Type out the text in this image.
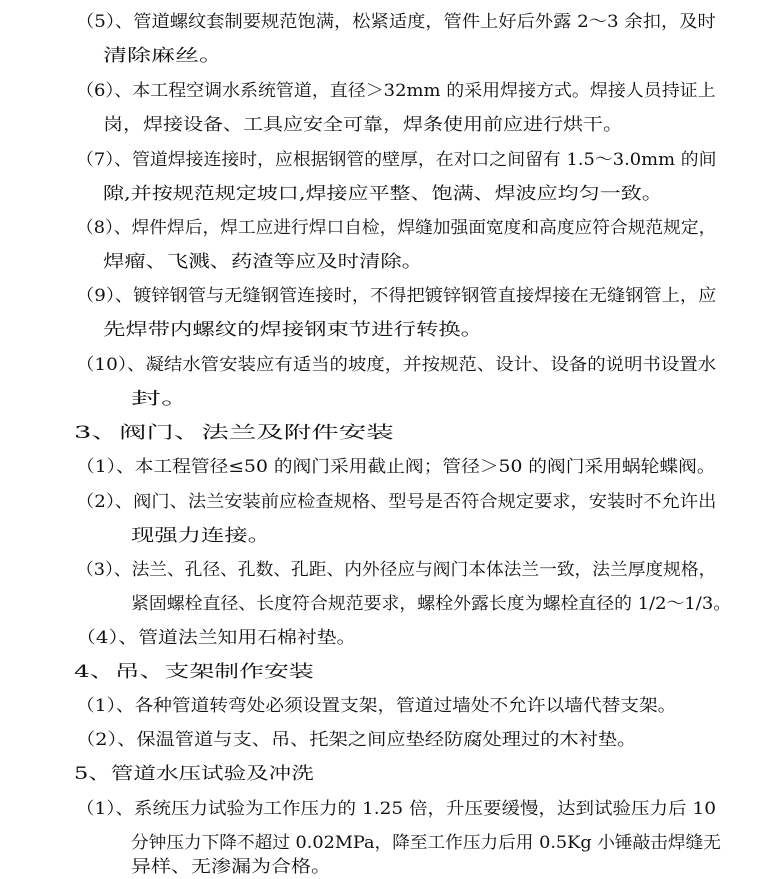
（5）、管道螺纹套制要规范饱满，松紧适度，管件上好后外露 2～3 余扣，及时
清除麻丝。
（6）、本工程空调水系统管道，直径＞32mm 的采用焊接方式。焊接人员持证上
岗，焊接设备、工具应安全可靠，焊条使用前应进行烘干。
（7）、管道焊接连接时，应根据钢管的壁厚，在对口之间留有 1.5～3.0mm 的间
隙,并按规范规定坡口,焊接应平整、饱满、焊波应均匀一致。
（8）、焊件焊后，焊工应进行焊口自检，焊缝加强面宽度和高度应符合规范规定，
焊瘤、飞溅、药渣等应及时清除。
（9）、镀锌钢管与无缝钢管连接时，不得把镀锌钢管直接焊接在无缝钢管上，应
先焊带内螺纹的焊接钢束节进行转换。
（10）、凝结水管安装应有适当的坡度，并按规范、设计、设备的说明书设置水
封。
3、阀门、法兰及附件安装
（1）、本工程管径≤50 的阀门采用截止阀；管径＞50 的阀门采用蜗轮蝶阀。
（2）、阀门、法兰安装前应检查规格、型号是否符合规定要求，安装时不允许出
现强力连接。
（3）、法兰、孔径、孔数、孔距、内外径应与阀门本体法兰一致，法兰厚度规格，
紧固螺栓直径、长度符合规范要求，螺栓外露长度为螺栓直径的 1/2～1/3。
（4）、管道法兰知用石棉衬垫。
4、吊、支架制作安装
（1）、各种管道转弯处必须设置支架，管道过墙处不允许以墙代替支架。
（2）、保温管道与支、吊、托架之间应垫经防腐处理过的木衬垫。
5、管道水压试验及冲洗
（1）、系统压力试验为工作压力的 1.25 倍，升压要缓慢，达到试验压力后 10
分钟压力下降不超过 0.02MPa，降至工作压力后用 0.5Kg 小锤敲击焊缝无
异样、无渗漏为合格。
